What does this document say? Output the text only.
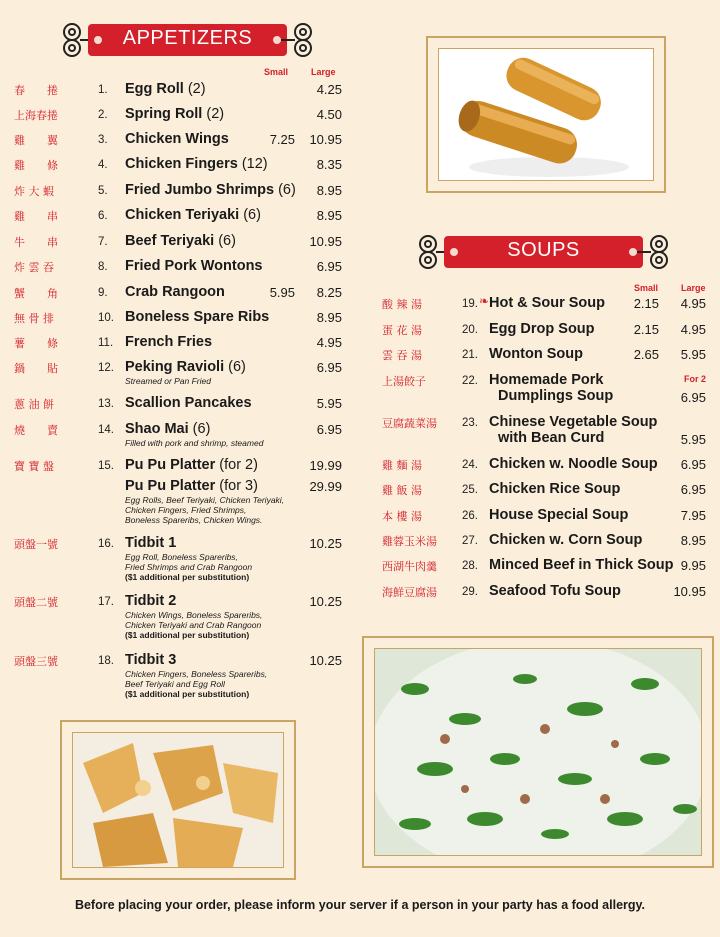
APPETIZERS
Small	Large
春　　捲	1. Egg Roll (2)	4.25
上海春捲	2. Spring Roll (2)	4.50
雞　　翼	3. Chicken Wings	7.25 10.95
雞　　條	4. Chicken Fingers (12)	8.35
炸 大 蝦	5. Fried Jumbo Shrimps (6) 8.95
雞　　串	6. Chicken Teriyaki (6)	8.95
牛　　串	7. Beef Teriyaki (6)	10.95
炸 雲 吞	8. Fried Pork Wontons	6.95
蟹　　角	9. Crab Rangoon	5.95 8.25
無 骨 排	10. Boneless Spare Ribs	8.95
薯　　條	11. French Fries	4.95
鍋　　貼	12. Peking Ravioli (6)	6.95
Streamed or Pan Fried
蔥 油 餅	13. Scallion Pancakes	5.95
燒　　賣	14. Shao Mai (6)	6.95
Filled with pork and shrimp, steamed
寶 寶 盤	15. Pu Pu Platter (for 2)	19.99
Pu Pu Platter (for 3)	29.99
Egg Rolls, Beef Teriyaki, Chicken Teriyaki,
Chicken Fingers, Fried Shrimps,
Boneless Spareribs, Chicken Wings.
頭盤一號	16. Tidbit 1	10.25
Egg Roll, Boneless Spareribs,
Fried Shrimps and Crab Rangoon
($1 additional per substitution)
頭盤二號	17. Tidbit 2	10.25
Chicken Wings, Boneless Spareribs,
Chicken Teriyaki and Crab Rangoon
($1 additional per substitution)
頭盤三號	18. Tidbit 3	10.25
Chicken Fingers, Boneless Spareribs,
Beef Teriyaki and Egg Roll
($1 additional per substitution)
SOUPS
Small	Large
酸 辣 湯	19. ❧ Hot & Sour Soup 2.15 4.95
蛋 花 湯	20. Egg Drop Soup	2.15 4.95
雲 吞 湯	21. Wonton Soup	2.65 5.95
上湯餃子	22. Homemade Pork
Dumplings Soup
For 2
6.95
豆腐蔬菜湯 23. Chinese Vegetable Soup
with Bean Curd	5.95
雞 麵 湯	24. Chicken w. Noodle Soup 6.95
雞 飯 湯	25. Chicken Rice Soup	6.95
本 樓 湯	26. House Special Soup	7.95
雞蓉玉米湯 27. Chicken w. Corn Soup	8.95
西湖牛肉羹 28. Minced Beef in Thick Soup 9.95
海鮮豆腐湯 29. Seafood Tofu Soup	10.95
Before placing your order, please inform your server if a person in your party has a food allergy.
